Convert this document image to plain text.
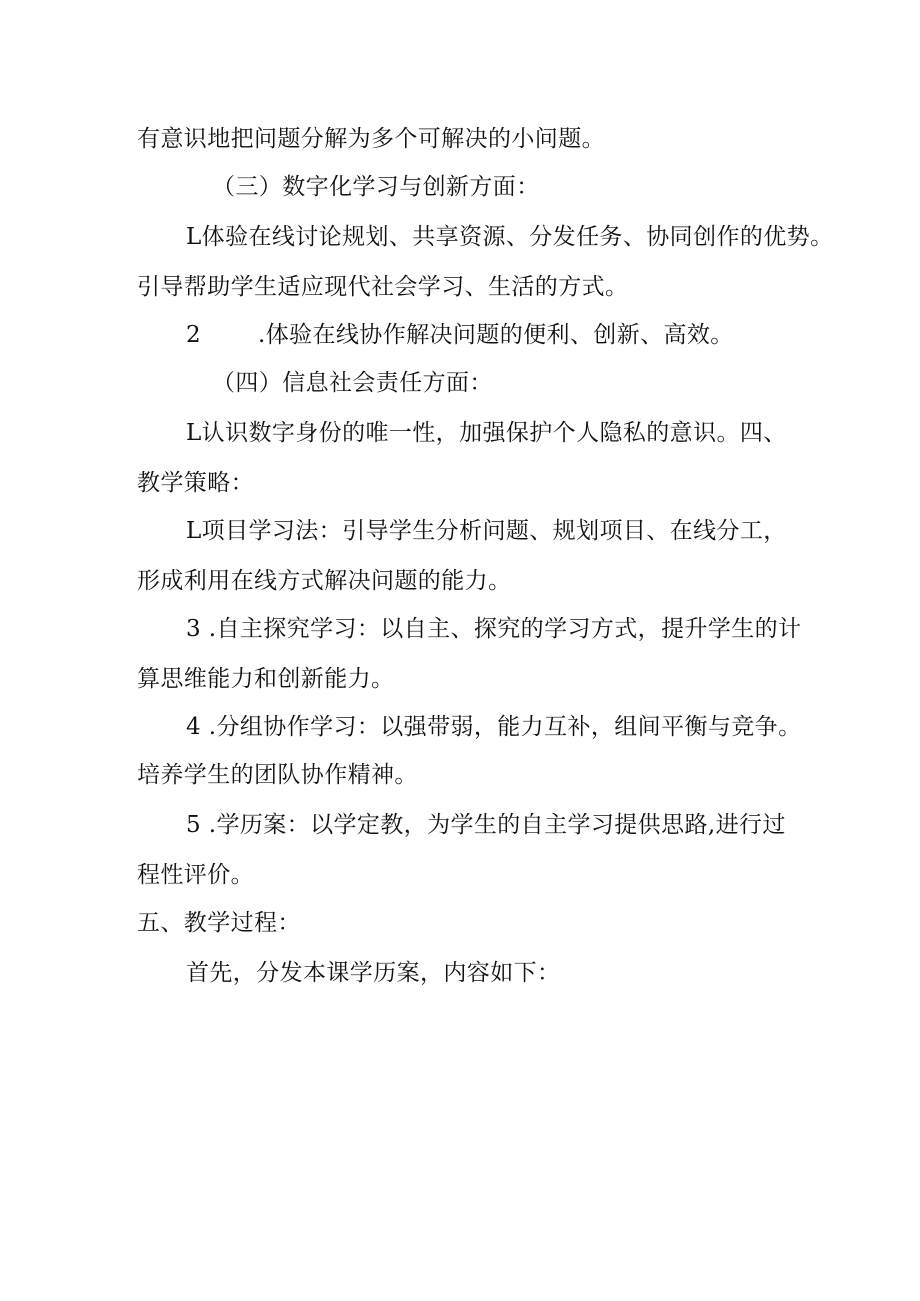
有意识地把问题分解为多个可解决的小问题。
（三）数字化学习与创新方面：
L体验在线讨论规划、共享资源、分发任务、协同创作的优势。
引导帮助学生适应现代社会学习、生活的方式。
2 .体验在线协作解决问题的便利、创新、高效。
（四）信息社会责任方面：
L认识数字身份的唯一性，加强保护个人隐私的意识。四、
教学策略：
L项目学习法：引导学生分析问题、规划项目、在线分工，
形成利用在线方式解决问题的能力。
3 .自主探究学习：以自主、探究的学习方式，提升学生的计
算思维能力和创新能力。
4 .分组协作学习：以强带弱，能力互补，组间平衡与竞争。
培养学生的团队协作精神。
5 .学历案：以学定教，为学生的自主学习提供思路,进行过
程性评价。
五、教学过程：
首先，分发本课学历案，内容如下：
